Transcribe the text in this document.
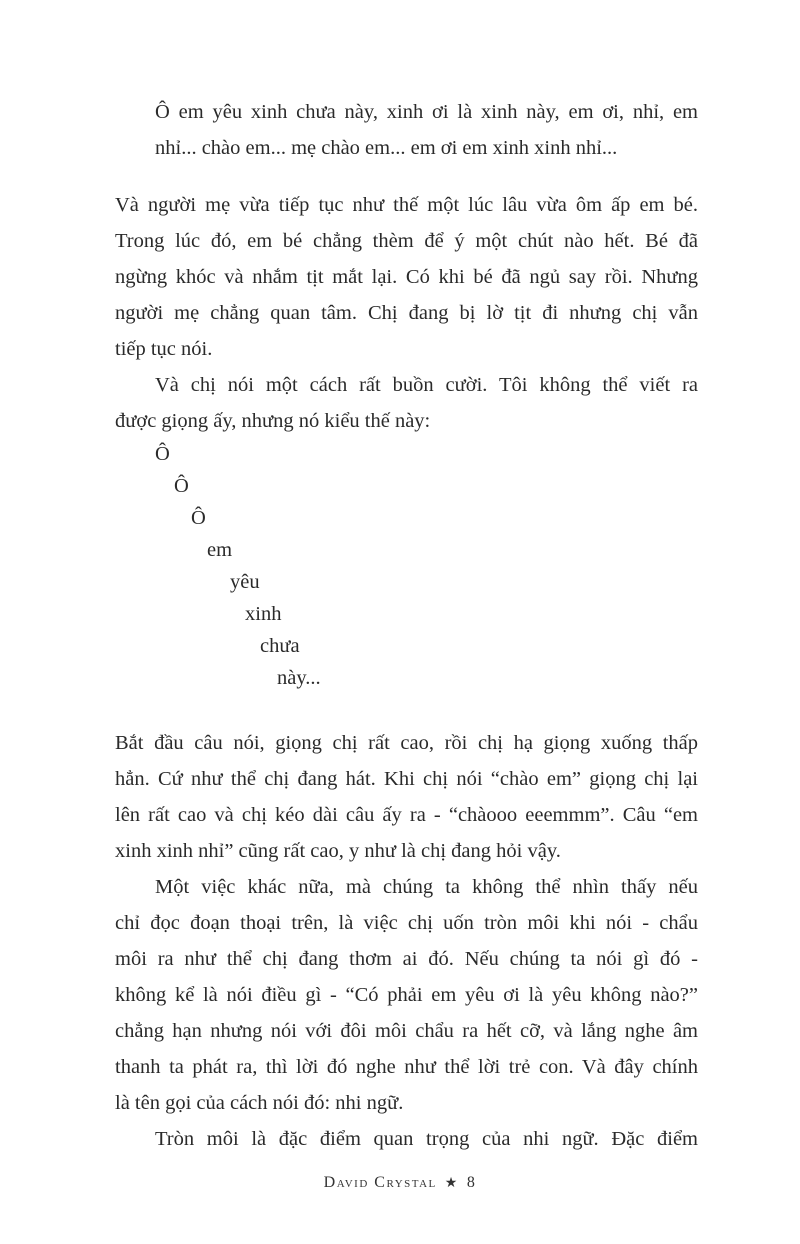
Ô em yêu xinh chưa này, xinh ơi là xinh này, em ơi, nhỉ, em
nhỉ... chào em... mẹ chào em... em ơi em xinh xinh nhỉ...
Và người mẹ vừa tiếp tục như thế một lúc lâu vừa ôm ấp em bé.
Trong lúc đó, em bé chẳng thèm để ý một chút nào hết. Bé đã
ngừng khóc và nhắm tịt mắt lại. Có khi bé đã ngủ say rồi. Nhưng
người mẹ chẳng quan tâm. Chị đang bị lờ tịt đi nhưng chị vẫn
tiếp tục nói.
Và chị nói một cách rất buồn cười. Tôi không thể viết ra
được giọng ấy, nhưng nó kiểu thế này:
Ô
Ô
Ô
em
yêu
xinh
chưa
này...
Bắt đầu câu nói, giọng chị rất cao, rồi chị hạ giọng xuống thấp
hẳn. Cứ như thể chị đang hát. Khi chị nói “chào em” giọng chị lại
lên rất cao và chị kéo dài câu ấy ra - “chàooo eeemmm”. Câu “em
xinh xinh nhỉ” cũng rất cao, y như là chị đang hỏi vậy.
Một việc khác nữa, mà chúng ta không thể nhìn thấy nếu
chỉ đọc đoạn thoại trên, là việc chị uốn tròn môi khi nói - chẩu
môi ra như thể chị đang thơm ai đó. Nếu chúng ta nói gì đó -
không kể là nói điều gì - “Có phải em yêu ơi là yêu không nào?”
chẳng hạn nhưng nói với đôi môi chẩu ra hết cỡ, và lắng nghe âm
thanh ta phát ra, thì lời đó nghe như thể lời trẻ con. Và đây chính
là tên gọi của cách nói đó: nhi ngữ.
Tròn môi là đặc điểm quan trọng của nhi ngữ. Đặc điểm
David Crystal ★ 8
